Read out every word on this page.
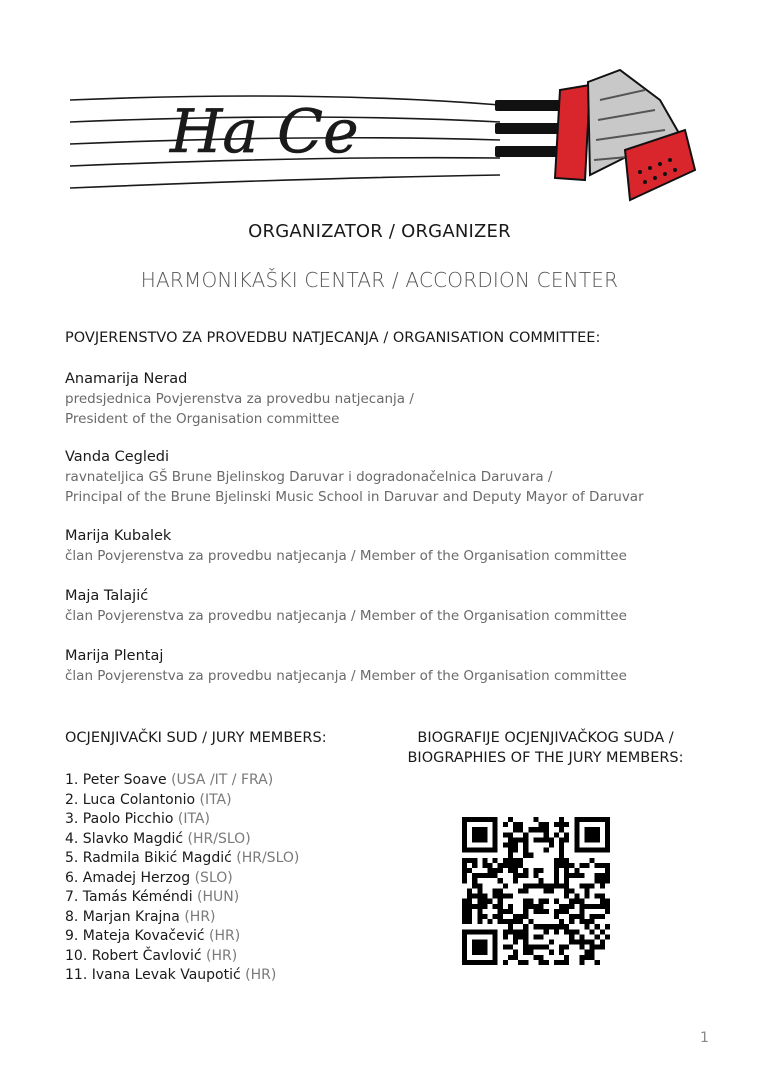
Ha Ce
ORGANIZATOR / ORGANIZER
HARMONIKAŠKI CENTAR / ACCORDION CENTER
POVJERENSTVO ZA PROVEDBU NATJECANJA / ORGANISATION COMMITTEE:
Anamarija Nerad
predsjednica Povjerenstva za provedbu natjecanja /
President of the Organisation committee
Vanda Cegledi
ravnateljica GŠ Brune Bjelinskog Daruvar i dogradonačelnica Daruvara /
Principal of the Brune Bjelinski Music School in Daruvar and Deputy Mayor of Daruvar
Marija Kubalek
član Povjerenstva za provedbu natjecanja / Member of the Organisation committee
Maja Talajić
član Povjerenstva za provedbu natjecanja / Member of the Organisation committee
Marija Plentaj
član Povjerenstva za provedbu natjecanja / Member of the Organisation committee
OCJENJIVAČKI SUD / JURY MEMBERS:	BIOGRAFIJE OCJENJIVAČKOG SUDA /
BIOGRAPHIES OF THE JURY MEMBERS:
1. Peter Soave (USA /IT / FRA)
2. Luca Colantonio (ITA)
3. Paolo Picchio (ITA)
4. Slavko Magdić (HR/SLO)
5. Radmila Bikić Magdić (HR/SLO)
6. Amadej Herzog (SLO)
7. Tamás Kéméndi (HUN)
8. Marjan Krajna (HR)
9. Mateja Kovačević (HR)
10. Robert Čavlović (HR)
11. Ivana Levak Vaupotić (HR)
1
